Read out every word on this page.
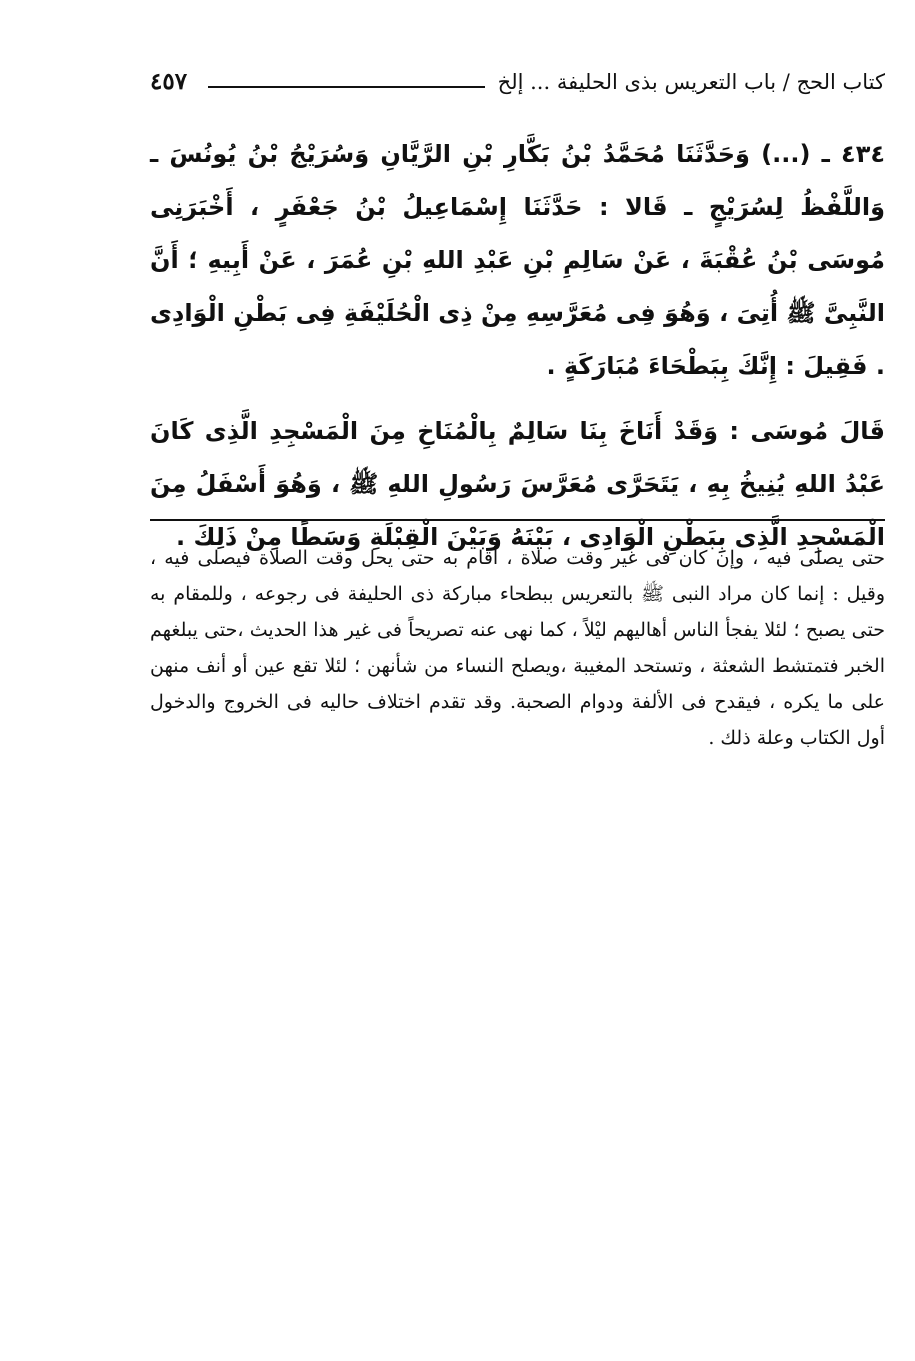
كتاب الحج / باب التعريس بذى الحليفة ... إلخ
٤٥٧

٤٣٤ ـ (...) وَحَدَّثَنَا مُحَمَّدُ بْنُ بَكَّارِ بْنِ الرَّيَّانِ وَسُرَيْجُ بْنُ يُونُسَ ـ وَاللَّفْظُ لِسُرَيْجٍ ـ قَالا : حَدَّثَنَا إِسْمَاعِيلُ بْنُ جَعْفَرٍ ، أَخْبَرَنِى مُوسَى بْنُ عُقْبَةَ ، عَنْ سَالِمِ بْنِ عَبْدِ اللهِ بْنِ عُمَرَ ، عَنْ أَبِيهِ ؛ أَنَّ النَّبِىَّ ﷺ أُتِىَ ، وَهُوَ فِى مُعَرَّسِهِ مِنْ ذِى الْحُلَيْفَةِ فِى بَطْنِ الْوَادِى . فَقِيلَ : إِنَّكَ بِبَطْحَاءَ مُبَارَكَةٍ .

قَالَ مُوسَى : وَقَدْ أَنَاخَ بِنَا سَالِمٌ بِالْمُنَاخِ مِنَ الْمَسْجِدِ الَّذِى كَانَ عَبْدُ اللهِ يُنِيخُ بِهِ ، يَتَحَرَّى مُعَرَّسَ رَسُولِ اللهِ ﷺ ، وَهُوَ أَسْفَلُ مِنَ الْمَسْجِدِ الَّذِى بِبَطْنِ الْوَادِى ، بَيْنَهُ وَبَيْنَ الْقِبْلَةِ وَسَطًا مِنْ ذَلِكَ .

حتى يصلى فيه ، وإن كان فى غير وقت صلاة ، أقام به حتى يحل وقت الصلاة فيصلى فيه ، وقيل : إنما كان مراد النبى ﷺ بالتعريس ببطحاء مباركة ذى الحليفة فى رجوعه ، وللمقام به حتى يصبح ؛ لئلا يفجأ الناس أهاليهم ليْلاً ، كما نهى عنه تصريحاً فى غير هذا الحديث ،حتى يبلغهم الخبر فتمتشط الشعثة ، وتستحد المغيبة ،ويصلح النساء من شأنهن ؛ لئلا تقع عين أو أنف منهن على ما يكره ، فيقدح فى الألفة ودوام الصحبة. وقد تقدم اختلاف حاليه فى الخروج والدخول أول الكتاب وعلة ذلك .
